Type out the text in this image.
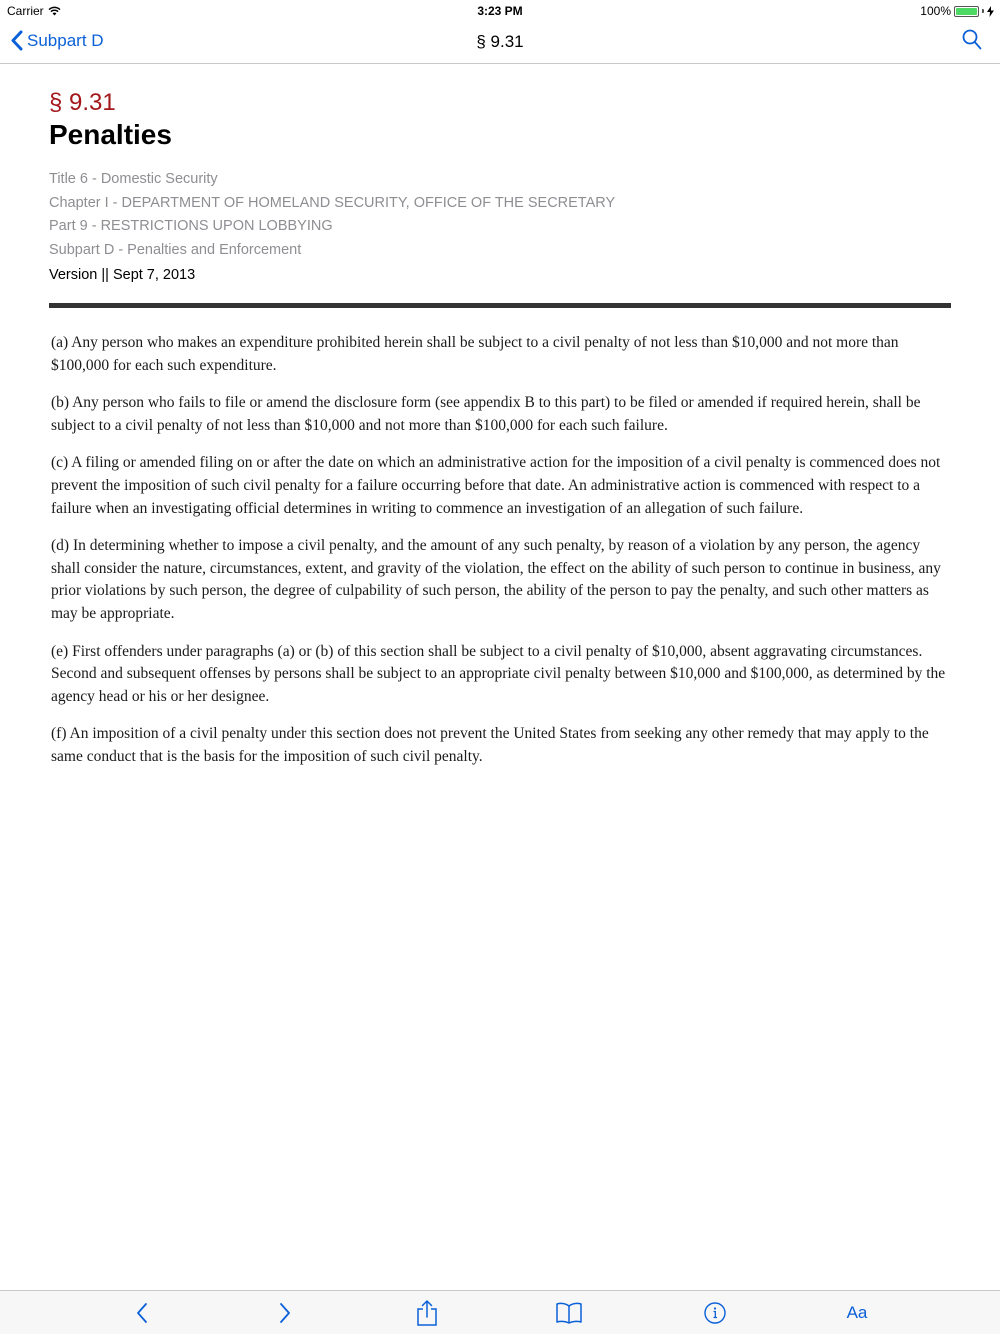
Carrier	3:23 PM	100%
Subpart D	§ 9.31
§ 9.31
Penalties
Title 6 - Domestic Security
Chapter I - DEPARTMENT OF HOMELAND SECURITY, OFFICE OF THE SECRETARY
Part 9 - RESTRICTIONS UPON LOBBYING
Subpart D - Penalties and Enforcement
Version || Sept 7, 2013

(a) Any person who makes an expenditure prohibited herein shall be subject to a civil penalty of not less than $10,000 and not more than $100,000 for each such expenditure.

(b) Any person who fails to file or amend the disclosure form (see appendix B to this part) to be filed or amended if required herein, shall be subject to a civil penalty of not less than $10,000 and not more than $100,000 for each such failure.

(c) A filing or amended filing on or after the date on which an administrative action for the imposition of a civil penalty is commenced does not prevent the imposition of such civil penalty for a failure occurring before that date. An administrative action is commenced with respect to a failure when an investigating official determines in writing to commence an investigation of an allegation of such failure.

(d) In determining whether to impose a civil penalty, and the amount of any such penalty, by reason of a violation by any person, the agency shall consider the nature, circumstances, extent, and gravity of the violation, the effect on the ability of such person to continue in business, any prior violations by such person, the degree of culpability of such person, the ability of the person to pay the penalty, and such other matters as may be appropriate.

(e) First offenders under paragraphs (a) or (b) of this section shall be subject to a civil penalty of $10,000, absent aggravating circumstances. Second and subsequent offenses by persons shall be subject to an appropriate civil penalty between $10,000 and $100,000, as determined by the agency head or his or her designee.

(f) An imposition of a civil penalty under this section does not prevent the United States from seeking any other remedy that may apply to the same conduct that is the basis for the imposition of such civil penalty.

Aa
